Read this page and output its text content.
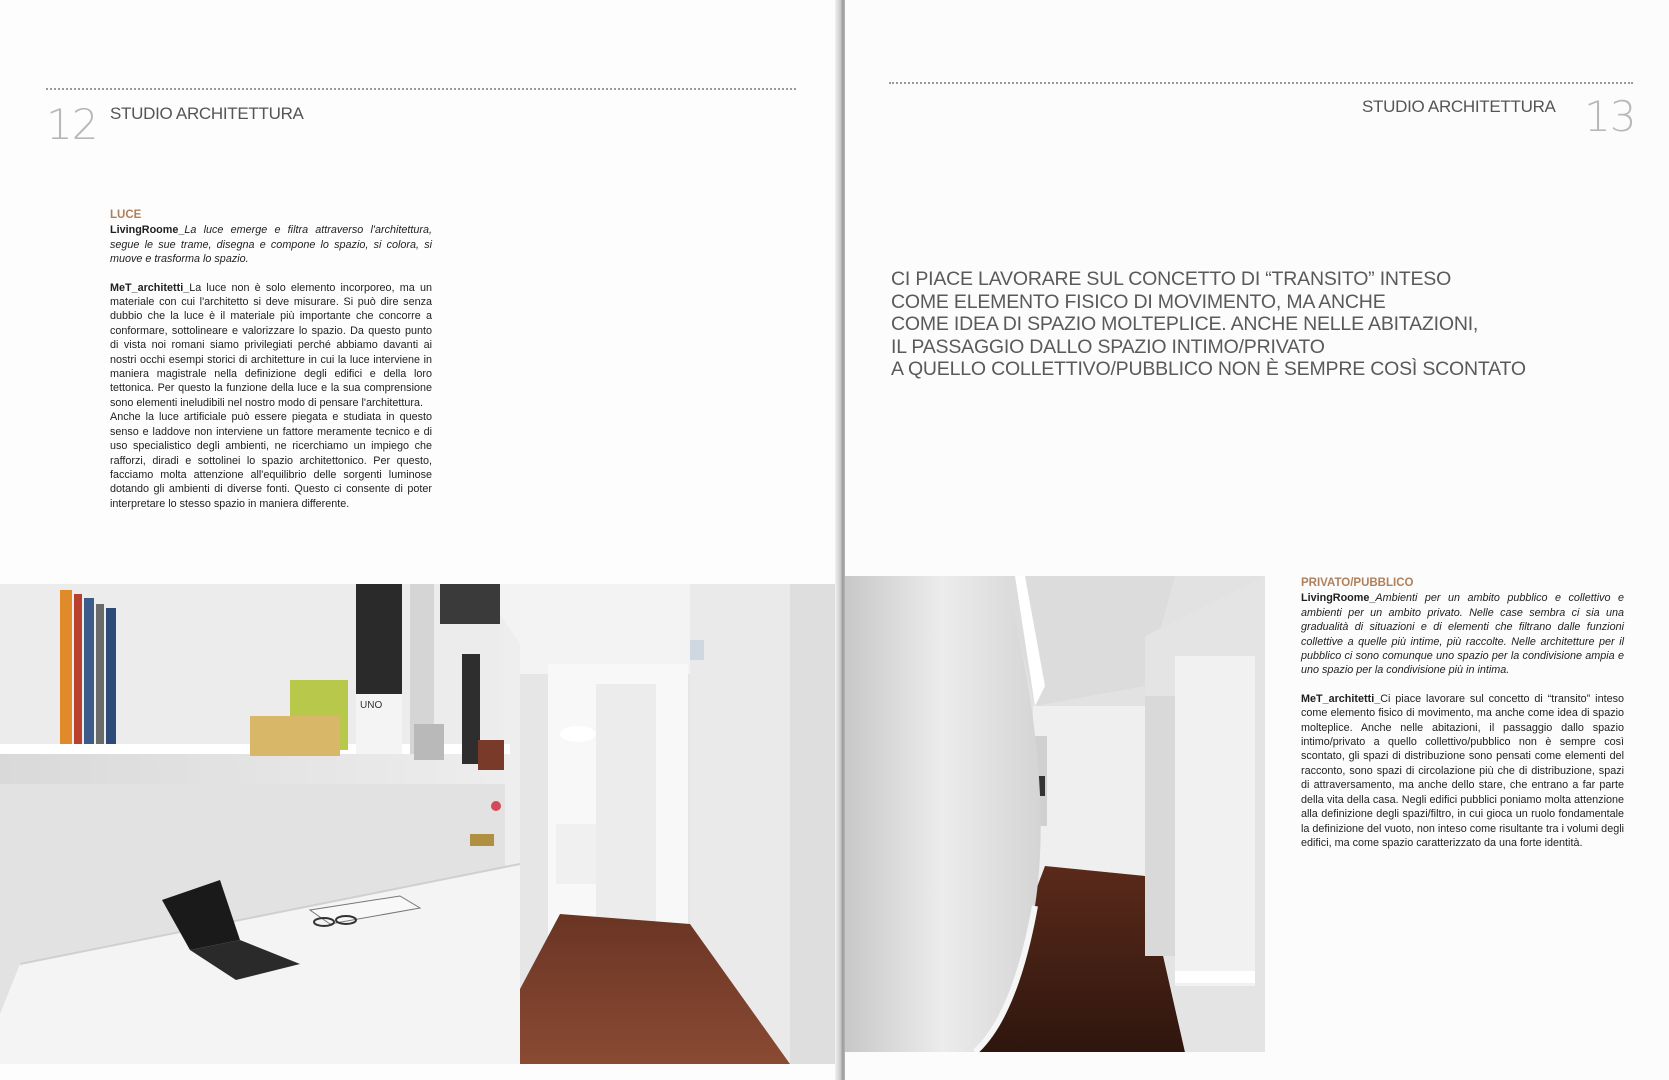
12 STUDIO ARCHITETTURA
LUCE

LivingRoome_La luce emerge e filtra attraverso l'architettura, segue le sue trame, disegna e compone lo spazio, si colora, si muove e trasforma lo spazio.

MeT_architetti_La luce non è solo elemento incorporeo, ma un materiale con cui l'architetto si deve misurare. Si può dire senza dubbio che la luce è il materiale più importante che concorre a conformare, sottolineare e valorizzare lo spazio. Da questo punto di vista noi romani siamo privilegiati perché abbiamo davanti ai nostri occhi esempi storici di architetture in cui la luce interviene in maniera magistrale nella definizione degli edifici e della loro tettonica. Per questo la funzione della luce e la sua comprensione sono elementi ineludibili nel nostro modo di pensare l'architettura.

Anche la luce artificiale può essere piegata e studiata in questo senso e laddove non interviene un fattore meramente tecnico e di uso specialistico degli ambienti, ne ricerchiamo un impiego che rafforzi, diradi e sottolinei lo spazio architettonico. Per questo, facciamo molta attenzione all'equilibrio delle sorgenti luminose dotando gli ambienti di diverse fonti. Questo ci consente di poter interpretare lo stesso spazio in maniera differente.

UNO
STUDIO ARCHITETTURA 13
CI PIACE LAVORARE SUL CONCETTO DI “TRANSITO” INTESO
COME ELEMENTO FISICO DI MOVIMENTO, MA ANCHE
COME IDEA DI SPAZIO MOLTEPLICE. ANCHE NELLE ABITAZIONI,
IL PASSAGGIO DALLO SPAZIO INTIMO/PRIVATO
A QUELLO COLLETTIVO/PUBBLICO NON È SEMPRE COSÌ SCONTATO
PRIVATO/PUBBLICO

LivingRoome_Ambienti per un ambito pubblico e collettivo e ambienti per un ambito privato. Nelle case sembra ci sia una gradualità di situazioni e di elementi che filtrano dalle funzioni collettive a quelle più intime, più raccolte. Nelle architetture per il pubblico ci sono comunque uno spazio per la condivisione ampia e uno spazio per la condivisione più in intima.

MeT_architetti_Ci piace lavorare sul concetto di “transito” inteso come elemento fisico di movimento, ma anche come idea di spazio molteplice. Anche nelle abitazioni, il passaggio dallo spazio intimo/privato a quello collettivo/pubblico non è sempre così scontato, gli spazi di distribuzione sono pensati come elementi del racconto, sono spazi di circolazione più che di distribuzione, spazi di attraversamento, ma anche dello stare, che entrano a far parte della vita della casa. Negli edifici pubblici poniamo molta attenzione alla definizione degli spazi/filtro, in cui gioca un ruolo fondamentale la definizione del vuoto, non inteso come risultante tra i volumi degli edifici, ma come spazio caratterizzato da una forte identità.
